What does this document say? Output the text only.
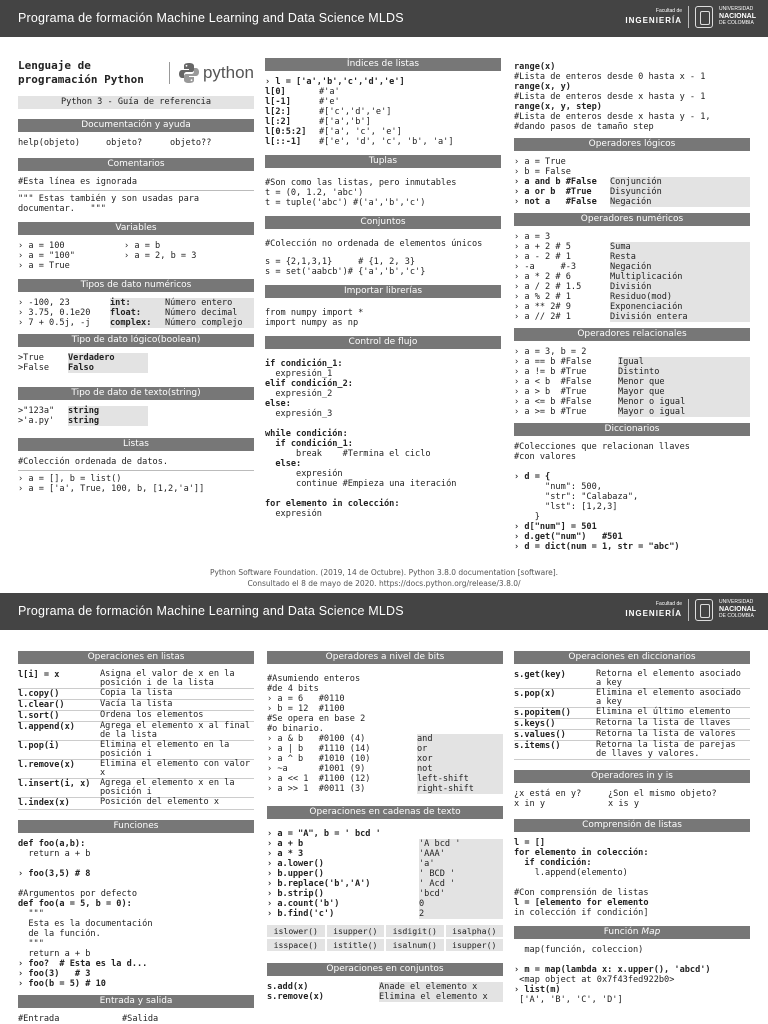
Programa de formación Machine Learning and Data Science MLDS
Facultad de
INGENIERÍA
UNIVERSIDAD
NACIONAL
DE COLOMBIA
Lenguaje de
programación Python	python
Python 3 - Guía de referencia
Documentación y ayuda
help(objeto)	objeto?	objeto??
Comentarios
#Esta línea es ignorada
""" Estas también y son usadas para
documentar.   """
Variables
› a = 100	› a = b
› a = "100"	› a = 2, b = 3
› a = True
Tipos de dato numéricos
› -100, 23	int:	Número entero
› 3.75, 0.1e20	float:	Número decimal
› 7 + 0.5j, -j	complex:	Número complejo
Tipo de dato lógico(boolean)
>True	Verdadero
>False	Falso
Tipo de dato de texto(string)
>"123a"	string
>'a.py'	string
Listas
#Colección ordenada de datos.
› a = [], b = list()
› a = ['a', True, 100, b, [1,2,'a']]
Índices de listas
› l = ['a','b','c','d','e']
l[0]	#'a'
l[-1]	#'e'
l[2:]	#['c','d','e']
l[:2]	#['a','b']
l[0:5:2]	#['a', 'c', 'e']
l[::-1]	#['e', 'd', 'c', 'b', 'a']
Tuplas
#Son como las listas, pero inmutables
t = (0, 1.2, 'abc')
t = tuple('abc') #('a','b','c')
Conjuntos
#Colección no ordenada de elementos únicos
s = {2,1,3,1}     # {1, 2, 3}
s = set('aabcb')# {'a','b','c'}
Importar librerías
from numpy import *
import numpy as np
Control de flujo
if condición_1:
expresión_1
elif condición_2:
expresión_2
else:
expresión_3
while condición:
if condición_1:
break    #Termina el ciclo
else:
expresión
continue #Empieza una iteración
for elemento in colección:
expresión
range(x)
#Lista de enteros desde 0 hasta x - 1
range(x, y)
#Lista de enteros desde x hasta y - 1
range(x, y, step)
#Lista de enteros desde x hasta y - 1,
#dando pasos de tamaño step
Operadores lógicos
› a = True
› b = False
› a and b #False	Conjunción
› a or b  #True	Disyunción
› not a   #False	Negación
Operadores numéricos
› a = 3
› a + 2 # 5	Suma
› a - 2 # 1	Resta
› -a     #-3	Negación
› a * 2 # 6	Multiplicación
› a / 2 # 1.5	División
› a % 2 # 1	Residuo(mod)
› a ** 2# 9	Exponenciación
› a // 2# 1	División entera
Operadores relacionales
› a = 3, b = 2
› a == b #False	Igual
› a != b #True	Distinto
› a < b  #False	Menor que
› a > b  #True	Mayor que
› a <= b #False	Menor o igual
› a >= b #True	Mayor o igual
Diccionarios
#Colecciones que relacionan llaves
#con valores
› d = {
"num": 500,
"str": "Calabaza",
"lst": [1,2,3]
}
› d["num"] = 501
› d.get("num")   #501
› d = dict(num = 1, str = "abc")
Python Software Foundation. (2019, 14 de Octubre). Python 3.8.0 documentation [software].
Consultado el 8 de mayo de 2020. https://docs.python.org/release/3.8.0/
Programa de formación Machine Learning and Data Science MLDS
Facultad de
INGENIERÍA
UNIVERSIDAD
NACIONAL
DE COLOMBIA
Operaciones en listas
l[i] = x	Asigna el valor de x en la posición i de la lista
l.copy()	Copia la lista
l.clear()	Vacía la lista
l.sort()	Ordena los elementos
l.append(x)	Agrega el elemento x al final de la lista
l.pop(i)	Elimina el elemento en la posición i
l.remove(x)	Elimina el elemento con valor x
l.insert(i, x)	Agrega el elemento x en la posición i
l.index(x)	Posición del elemento x
Funciones
def foo(a,b):
return a + b
› foo(3,5) # 8
#Argumentos por defecto
def foo(a = 5, b = 0):
"""
Esta es la documentación
de la función.
"""
return a + b
› foo?  # Esta es la d...
› foo(3)   # 3
› foo(b = 5) # 10
Entrada y salida
#Entrada	#Salida
Operadores a nivel de bits
#Asumiendo enteros
#de 4 bits
› a = 6   #0110
› b = 12  #1100
#Se opera en base 2
#o binario.
› a & b   #0100 (4)	and
› a | b   #1110 (14)	or
› a ^ b   #1010 (10)	xor
› ~a      #1001 (9)	not
› a << 1  #1100 (12)	left-shift
› a >> 1  #0011 (3)	right-shift
Operaciones en cadenas de texto
› a = "A", b = ' bcd '
› a + b	'A bcd '
› a * 3	'AAA'
› a.lower()	'a'
› b.upper()	' BCD '
› b.replace('b','A')	' Acd '
› b.strip()	'bcd'
› a.count('b')	0
› b.find('c')	2
islower()	isupper()	isdigit()	isalpha()
isspace()	istitle()	isalnum()	isupper()
Operaciones en conjuntos
s.add(x)	Anade el elemento x
s.remove(x)	Elimina el elemento x
Operaciones en diccionarios
s.get(key)	Retorna el elemento asociado a key
s.pop(x)	Elimina el elemento asociado a key
s.popitem()	Elimina el último elemento
s.keys()	Retorna la lista de llaves
s.values()	Retorna la lista de valores
s.items()	Retorna la lista de parejas de llaves y valores.
Operadores in y is
¿x está en y?	¿Son el mismo objeto?
x in y	x is y
Comprensión de listas
l = []
for elemento in colección:
if condición:
l.append(elemento)
#Con comprensión de listas
l = [elemento for elemento
in colección if condición]
Función Map
map(función, coleccion)
› m = map(lambda x: x.upper(), 'abcd')
<map object at 0x7f43fed922b0>
› list(m)
['A', 'B', 'C', 'D']
